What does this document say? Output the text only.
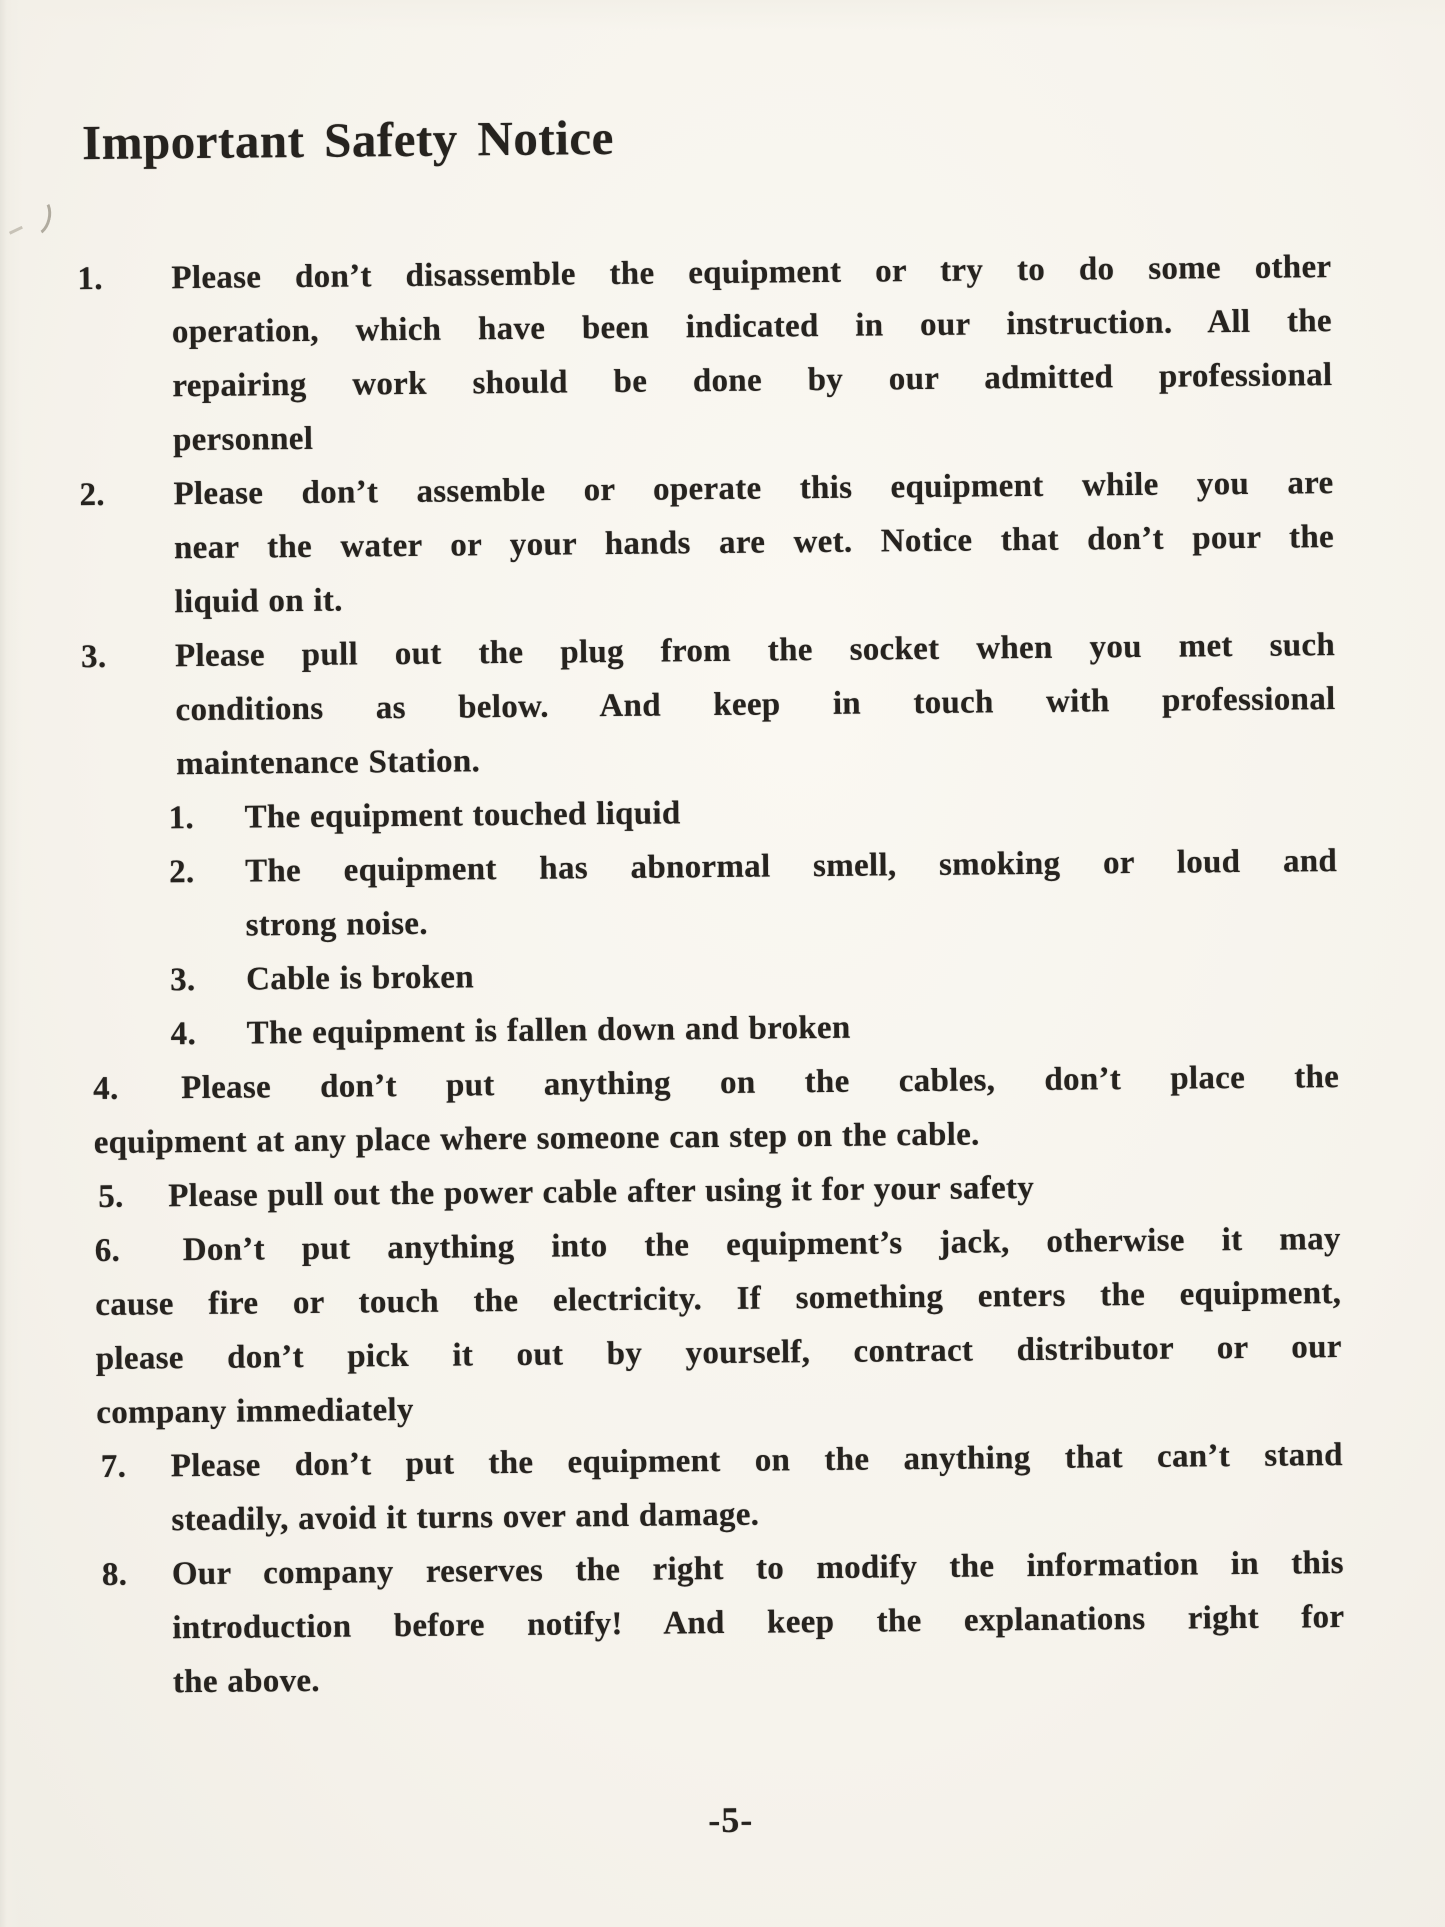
Important Safety Notice
1. Please don’t disassemble the equipment or try to do some other
operation, which have been indicated in our instruction. All the
repairing work should be done by our admitted professional
personnel
2. Please don’t assemble or operate this equipment while you are
near the water or your hands are wet. Notice that don’t pour the
liquid on it.
3. Please pull out the plug from the socket when you met such
conditions as below. And keep in touch with professional
maintenance Station.
1. The equipment touched liquid
2. The equipment has abnormal smell, smoking or loud and
strong noise.
3. Cable is broken
4. The equipment is fallen down and broken
4.	Please don’t put anything on the cables, don’t place the
equipment at any place where someone can step on the cable.
5. Please pull out the power cable after using it for your safety
6.	Don’t put anything into the equipment’s jack, otherwise it may
cause fire or touch the electricity. If something enters the equipment,
please don’t pick it out by yourself, contract distributor or our
company immediately
7. Please don’t put the equipment on the anything that can’t stand
steadily, avoid it turns over and damage.
8. Our company reserves the right to modify the information in this
introduction before notify! And keep the explanations right for
the above.
-5-
